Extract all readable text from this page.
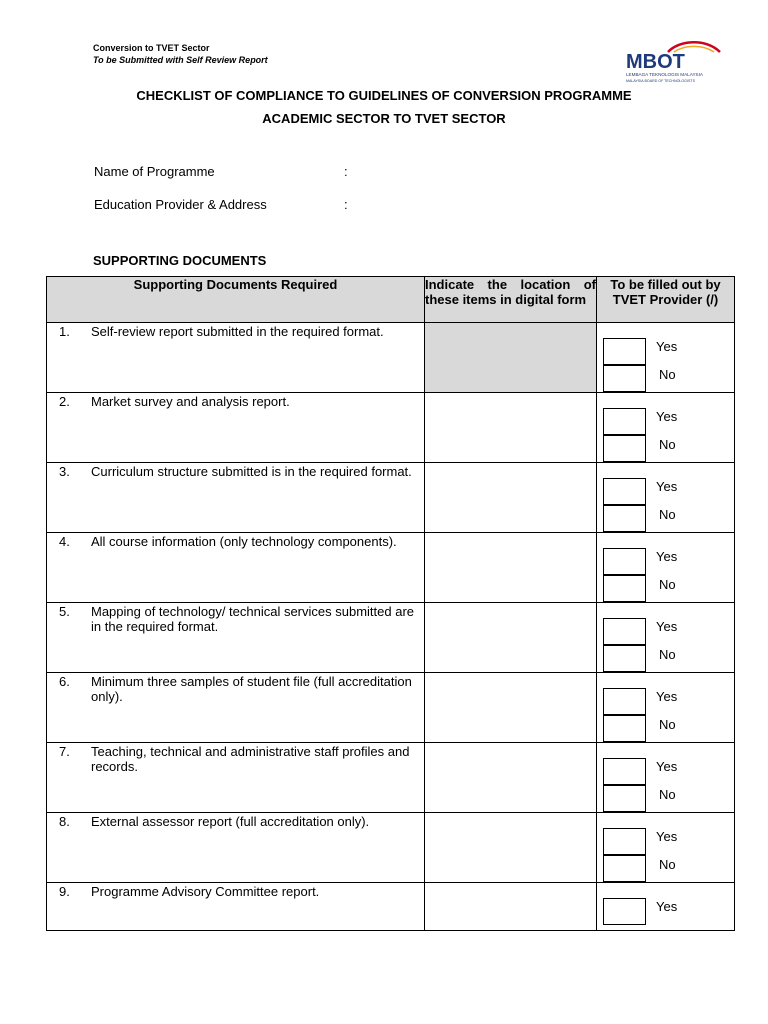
Conversion to TVET Sector
To be Submitted with Self Review Report	MBOT
LEMBAGA TEKNOLOGIS MALAYSIA
MALAYSIA BOARD OF TECHNOLOGISTS
CHECKLIST OF COMPLIANCE TO GUIDELINES OF CONVERSION PROGRAMME
ACADEMIC SECTOR TO TVET SECTOR
Name of Programme	:
Education Provider & Address	:
SUPPORTING DOCUMENTS
Supporting Documents Required	Indicate the location of these items in digital form	To be filled out by TVET Provider (/)

1. Self-review report submitted in the required format.		Yes
No

2. Market survey and analysis report.		Yes
No

3. Curriculum structure submitted is in the required format.		Yes
No

4. All course information (only technology components).		Yes
No

5. Mapping of technology/ technical services submitted are in the required format.		Yes
No

6. Minimum three samples of student file (full accreditation only).		Yes
No

7. Teaching, technical and administrative staff profiles and records.		Yes
No

8. External assessor report (full accreditation only).		Yes
No

9. Programme Advisory Committee report.		Yes
